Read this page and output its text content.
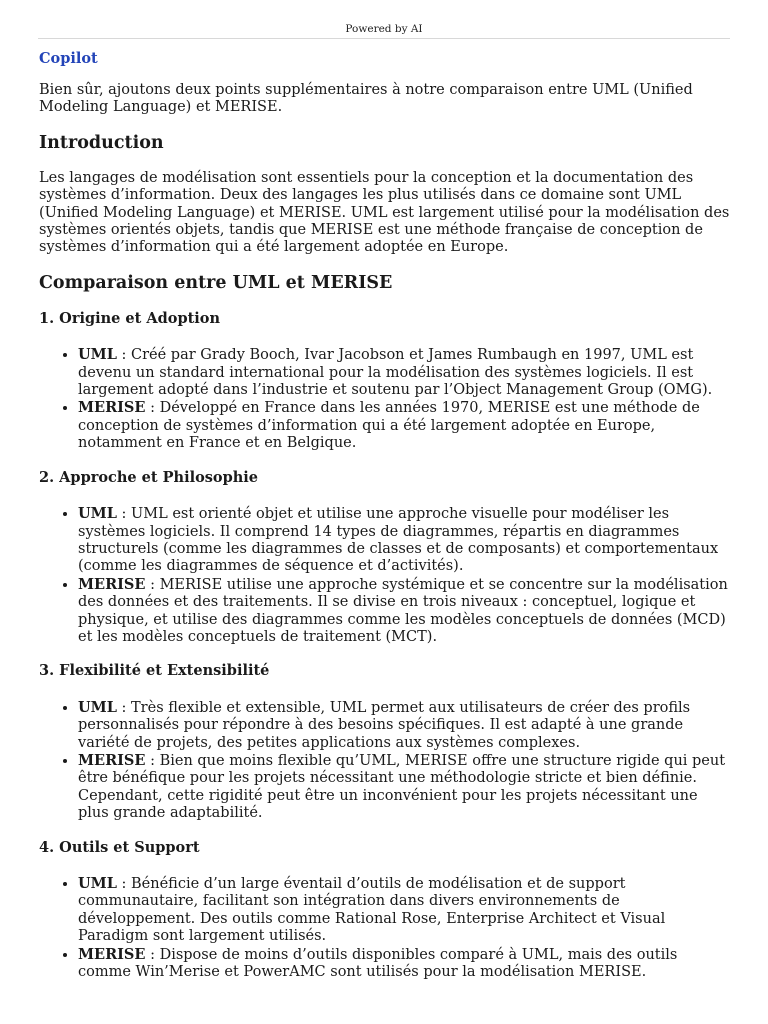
Powered by AI
Copilot

Bien sûr, ajoutons deux points supplémentaires à notre comparaison entre UML (Unified Modeling Language) et MERISE.

Introduction

Les langages de modélisation sont essentiels pour la conception et la documentation des systèmes d’information. Deux des langages les plus utilisés dans ce domaine sont UML (Unified Modeling Language) et MERISE. UML est largement utilisé pour la modélisation des systèmes orientés objets, tandis que MERISE est une méthode française de conception de systèmes d’information qui a été largement adoptée en Europe.

Comparaison entre UML et MERISE
1. Origine et Adoption
• UML : Créé par Grady Booch, Ivar Jacobson et James Rumbaugh en 1997, UML est devenu un standard international pour la modélisation des systèmes logiciels. Il est largement adopté dans l’industrie et soutenu par l’Object Management Group (OMG).
• MERISE : Développé en France dans les années 1970, MERISE est une méthode de conception de systèmes d’information qui a été largement adoptée en Europe, notamment en France et en Belgique.
2. Approche et Philosophie
• UML : UML est orienté objet et utilise une approche visuelle pour modéliser les systèmes logiciels. Il comprend 14 types de diagrammes, répartis en diagrammes structurels (comme les diagrammes de classes et de composants) et comportementaux (comme les diagrammes de séquence et d’activités).
• MERISE : MERISE utilise une approche systémique et se concentre sur la modélisation des données et des traitements. Il se divise en trois niveaux : conceptuel, logique et physique, et utilise des diagrammes comme les modèles conceptuels de données (MCD) et les modèles conceptuels de traitement (MCT).
3. Flexibilité et Extensibilité
• UML : Très flexible et extensible, UML permet aux utilisateurs de créer des profils personnalisés pour répondre à des besoins spécifiques. Il est adapté à une grande variété de projets, des petites applications aux systèmes complexes.
• MERISE : Bien que moins flexible qu’UML, MERISE offre une structure rigide qui peut être bénéfique pour les projets nécessitant une méthodologie stricte et bien définie. Cependant, cette rigidité peut être un inconvénient pour les projets nécessitant une plus grande adaptabilité.
4. Outils et Support
• UML : Bénéficie d’un large éventail d’outils de modélisation et de support communautaire, facilitant son intégration dans divers environnements de développement. Des outils comme Rational Rose, Enterprise Architect et Visual Paradigm sont largement utilisés.
• MERISE : Dispose de moins d’outils disponibles comparé à UML, mais des outils comme Win’Merise et PowerAMC sont utilisés pour la modélisation MERISE.
